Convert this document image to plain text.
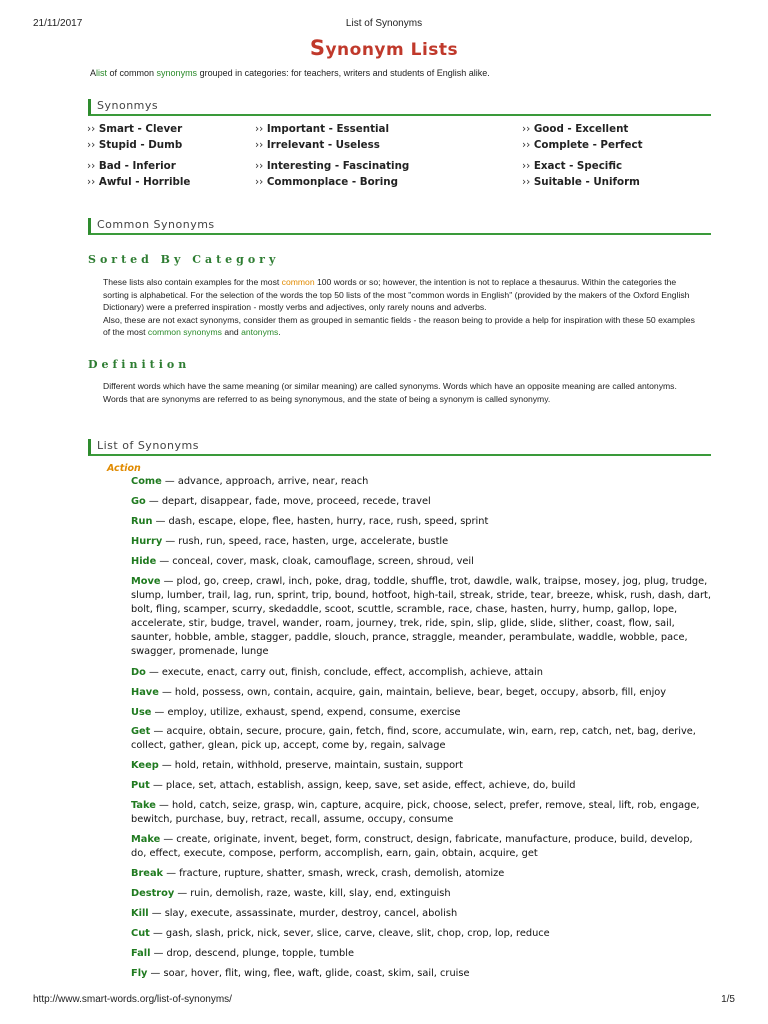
21/11/2017	List of Synonyms
Synonym Lists
Alist of common synonyms grouped in categories: for teachers, writers and students of English alike.
Synonmys
›› Smart - Clever	›› Important - Essential	›› Good - Excellent
›› Stupid - Dumb	›› Irrelevant - Useless	›› Complete - Perfect
›› Bad - Inferior	›› Interesting - Fascinating	›› Exact - Specific
›› Awful - Horrible	›› Commonplace - Boring	›› Suitable - Uniform
Common Synonyms
Sorted By Category
These lists also contain examples for the most common 100 words or so; however, the intention is not to replace a thesaurus. Within the categories the sorting is alphabetical. For the selection of the words the top 50 lists of the most "common words in English" (provided by the makers of the Oxford English Dictionary) were a preferred inspiration - mostly verbs and adjectives, only rarely nouns and adverbs.
Also, these are not exact synonyms, consider them as grouped in semantic fields - the reason being to provide a help for inspiration with these 50 examples of the most common synonyms and antonyms.
Definition
Different words which have the same meaning (or similar meaning) are called synonyms. Words which have an opposite meaning are called antonyms.
Words that are synonyms are referred to as being synonymous, and the state of being a synonym is called synonymy.
List of Synonyms
Action
Come — advance, approach, arrive, near, reach
Go — depart, disappear, fade, move, proceed, recede, travel
Run — dash, escape, elope, flee, hasten, hurry, race, rush, speed, sprint
Hurry — rush, run, speed, race, hasten, urge, accelerate, bustle
Hide — conceal, cover, mask, cloak, camouflage, screen, shroud, veil
Move — plod, go, creep, crawl, inch, poke, drag, toddle, shuffle, trot, dawdle, walk, traipse, mosey, jog, plug, trudge, slump, lumber, trail, lag, run, sprint, trip, bound, hotfoot, high-tail, streak, stride, tear, breeze, whisk, rush, dash, dart, bolt, fling, scamper, scurry, skedaddle, scoot, scuttle, scramble, race, chase, hasten, hurry, hump, gallop, lope, accelerate, stir, budge, travel, wander, roam, journey, trek, ride, spin, slip, glide, slide, slither, coast, flow, sail, saunter, hobble, amble, stagger, paddle, slouch, prance, straggle, meander, perambulate, waddle, wobble, pace, swagger, promenade, lunge
Do — execute, enact, carry out, finish, conclude, effect, accomplish, achieve, attain
Have — hold, possess, own, contain, acquire, gain, maintain, believe, bear, beget, occupy, absorb, fill, enjoy
Use — employ, utilize, exhaust, spend, expend, consume, exercise
Get — acquire, obtain, secure, procure, gain, fetch, find, score, accumulate, win, earn, rep, catch, net, bag, derive, collect, gather, glean, pick up, accept, come by, regain, salvage
Keep — hold, retain, withhold, preserve, maintain, sustain, support
Put — place, set, attach, establish, assign, keep, save, set aside, effect, achieve, do, build
Take — hold, catch, seize, grasp, win, capture, acquire, pick, choose, select, prefer, remove, steal, lift, rob, engage, bewitch, purchase, buy, retract, recall, assume, occupy, consume
Make — create, originate, invent, beget, form, construct, design, fabricate, manufacture, produce, build, develop, do, effect, execute, compose, perform, accomplish, earn, gain, obtain, acquire, get
Break — fracture, rupture, shatter, smash, wreck, crash, demolish, atomize
Destroy — ruin, demolish, raze, waste, kill, slay, end, extinguish
Kill — slay, execute, assassinate, murder, destroy, cancel, abolish
Cut — gash, slash, prick, nick, sever, slice, carve, cleave, slit, chop, crop, lop, reduce
Fall — drop, descend, plunge, topple, tumble
Fly — soar, hover, flit, wing, flee, waft, glide, coast, skim, sail, cruise
http://www.smart-words.org/list-of-synonyms/	1/5
